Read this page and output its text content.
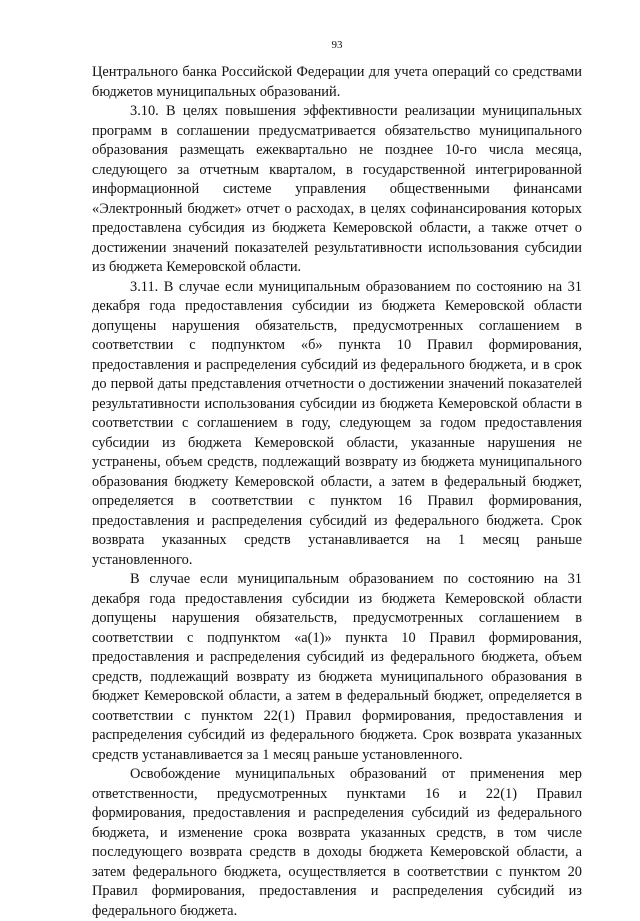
93

Центрального банка Российской Федерации для учета операций со средствами бюджетов муниципальных образований.

3.10. В целях повышения эффективности реализации муниципальных программ в соглашении предусматривается обязательство муниципального образования размещать ежеквартально не позднее 10-го числа месяца, следующего за отчетным кварталом, в государственной интегрированной информационной системе управления общественными финансами «Электронный бюджет» отчет о расходах, в целях софинансирования которых предоставлена субсидия из бюджета Кемеровской области, а также отчет о достижении значений показателей результативности использования субсидии из бюджета Кемеровской области.

3.11. В случае если муниципальным образованием по состоянию на 31 декабря года предоставления субсидии из бюджета Кемеровской области допущены нарушения обязательств, предусмотренных соглашением в соответствии с подпунктом «б» пункта 10 Правил формирования, предоставления и распределения субсидий из федерального бюджета, и в срок до первой даты представления отчетности о достижении значений показателей результативности использования субсидии из бюджета Кемеровской области в соответствии с соглашением в году, следующем за годом предоставления субсидии из бюджета Кемеровской области, указанные нарушения не устранены, объем средств, подлежащий возврату из бюджета муниципального образования бюджету Кемеровской области, а затем в федеральный бюджет, определяется в соответствии с пунктом 16 Правил формирования, предоставления и распределения субсидий из федерального бюджета. Срок возврата указанных средств устанавливается на 1 месяц раньше установленного.

В случае если муниципальным образованием по состоянию на 31 декабря года предоставления субсидии из бюджета Кемеровской области допущены нарушения обязательств, предусмотренных соглашением в соответствии с подпунктом «а(1)» пункта 10 Правил формирования, предоставления и распределения субсидий из федерального бюджета, объем средств, подлежащий возврату из бюджета муниципального образования в бюджет Кемеровской области, а затем в федеральный бюджет, определяется в соответствии с пунктом 22(1) Правил формирования, предоставления и распределения субсидий из федерального бюджета. Срок возврата указанных средств устанавливается за 1 месяц раньше установленного.

Освобождение муниципальных образований от применения мер ответственности, предусмотренных пунктами 16 и 22(1) Правил формирования, предоставления и распределения субсидий из федерального бюджета, и изменение срока возврата указанных средств, в том числе последующего возврата средств в доходы бюджета Кемеровской области, а затем федерального бюджета, осуществляется в соответствии с пунктом 20 Правил формирования, предоставления и распределения субсидий из федерального бюджета.
